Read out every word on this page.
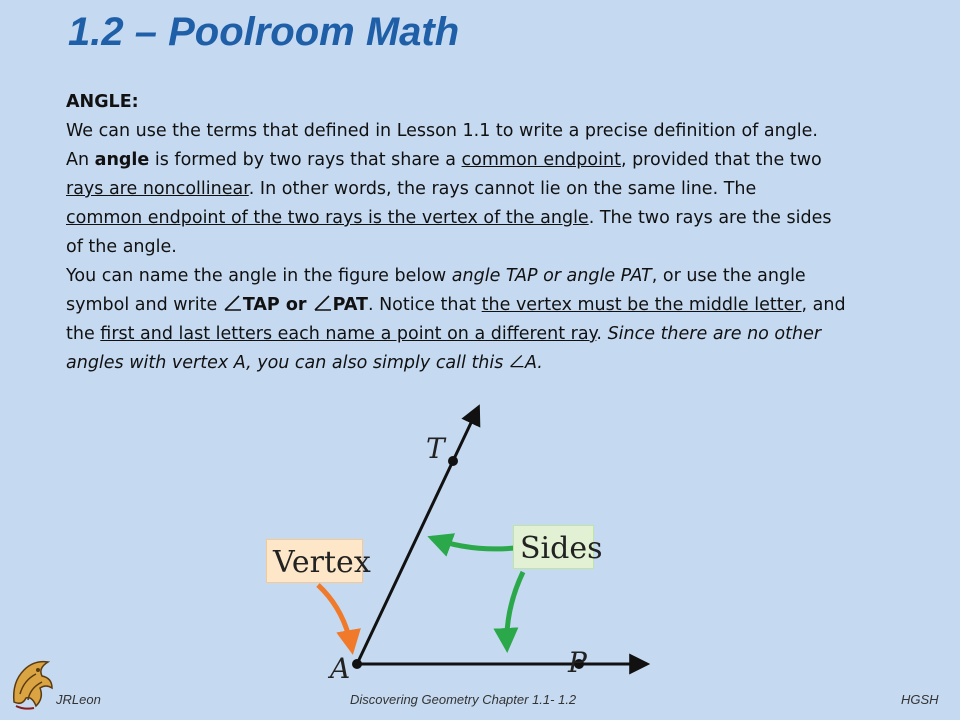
1.2 – Poolroom Math
ANGLE:
We can use the terms that defined in Lesson 1.1 to write a precise definition of angle.
An angle is formed by two rays that share a common endpoint, provided that the two
rays are noncollinear. In other words, the rays cannot lie on the same line. The
common endpoint of the two rays is the vertex of the angle. The two rays are the sides
of the angle.
You can name the angle in the figure below angle TAP or angle PAT, or use the angle
symbol and write TAP or PAT. Notice that the vertex must be the middle letter, and
the first and last letters each name a point on a different ray. Since there are no other
angles with vertex A, you can also simply call this A.
Vertex	Sides
T
A	P
JRLeon	Discovering Geometry Chapter 1.1- 1.2	HGSH
